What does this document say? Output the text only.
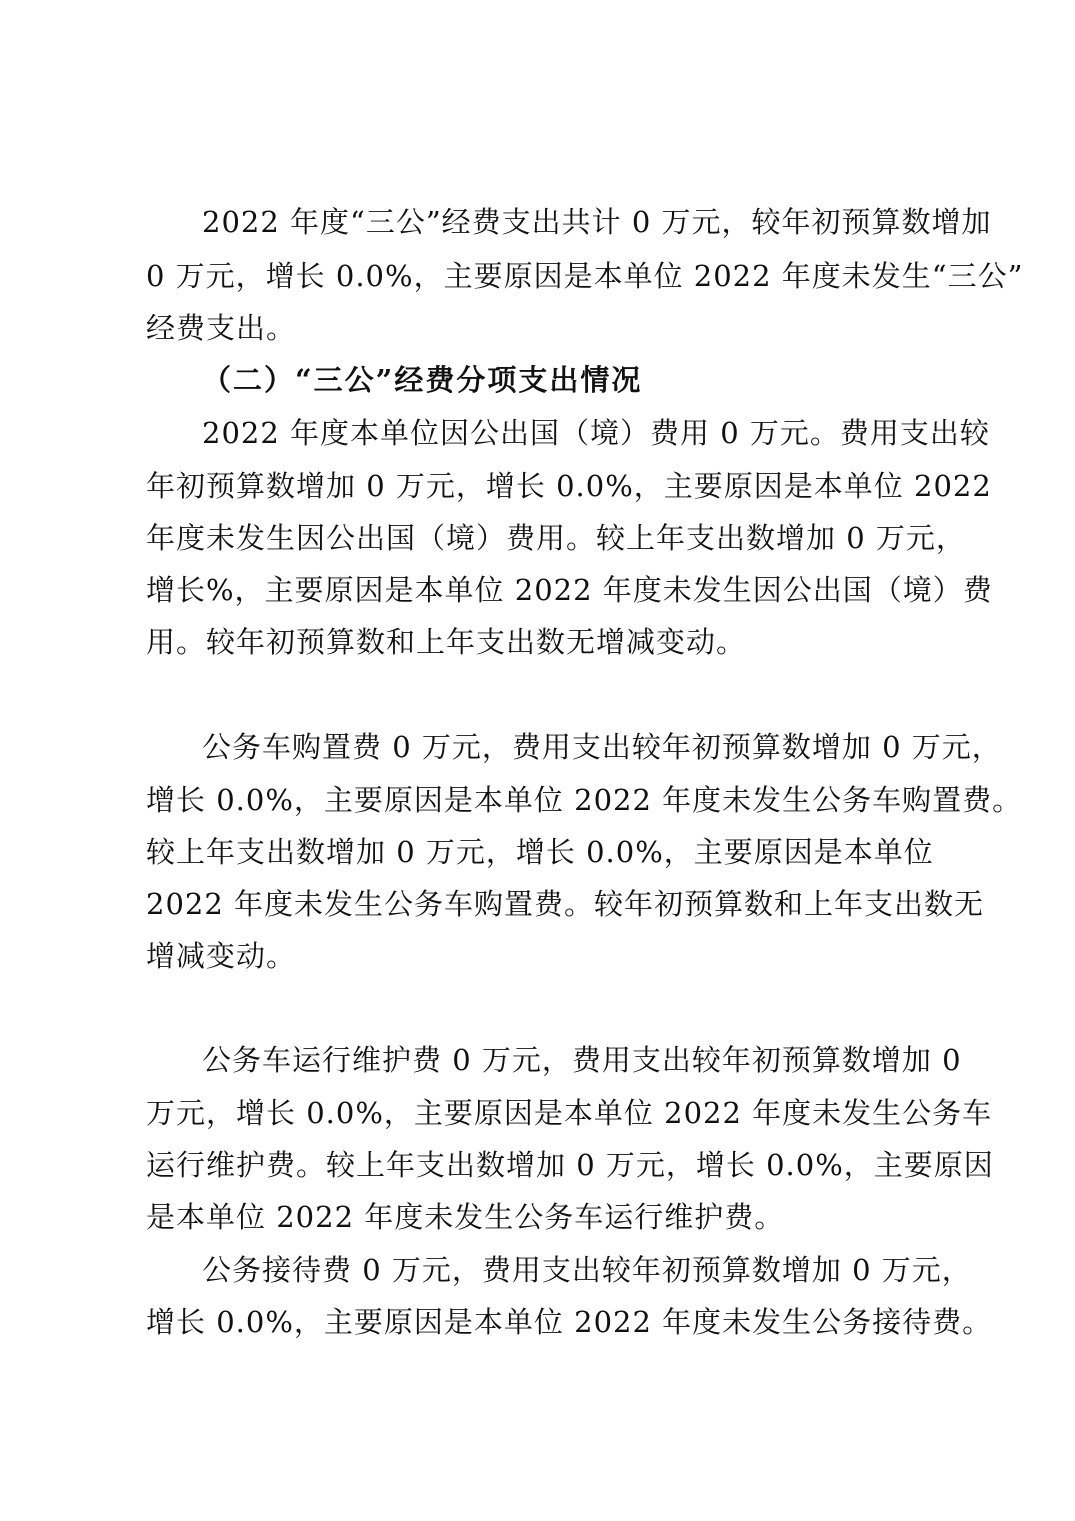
2022 年度“三公”经费支出共计 0 万元，较年初预算数增加
0 万元，增长 0.0%，主要原因是本单位 2022 年度未发生“三公”
经费支出。
（二）“三公”经费分项支出情况
2022 年度本单位因公出国（境）费用 0 万元。费用支出较
年初预算数增加 0 万元，增长 0.0%，主要原因是本单位 2022
年度未发生因公出国（境）费用。较上年支出数增加 0 万元，
增长%，主要原因是本单位 2022 年度未发生因公出国（境）费
用。较年初预算数和上年支出数无增减变动。
公务车购置费 0 万元，费用支出较年初预算数增加 0 万元，
增长 0.0%，主要原因是本单位 2022 年度未发生公务车购置费。
较上年支出数增加 0 万元，增长 0.0%，主要原因是本单位
2022 年度未发生公务车购置费。较年初预算数和上年支出数无
增减变动。
公务车运行维护费 0 万元，费用支出较年初预算数增加 0
万元，增长 0.0%，主要原因是本单位 2022 年度未发生公务车
运行维护费。较上年支出数增加 0 万元，增长 0.0%，主要原因
是本单位 2022 年度未发生公务车运行维护费。
公务接待费 0 万元，费用支出较年初预算数增加 0 万元，
增长 0.0%，主要原因是本单位 2022 年度未发生公务接待费。
